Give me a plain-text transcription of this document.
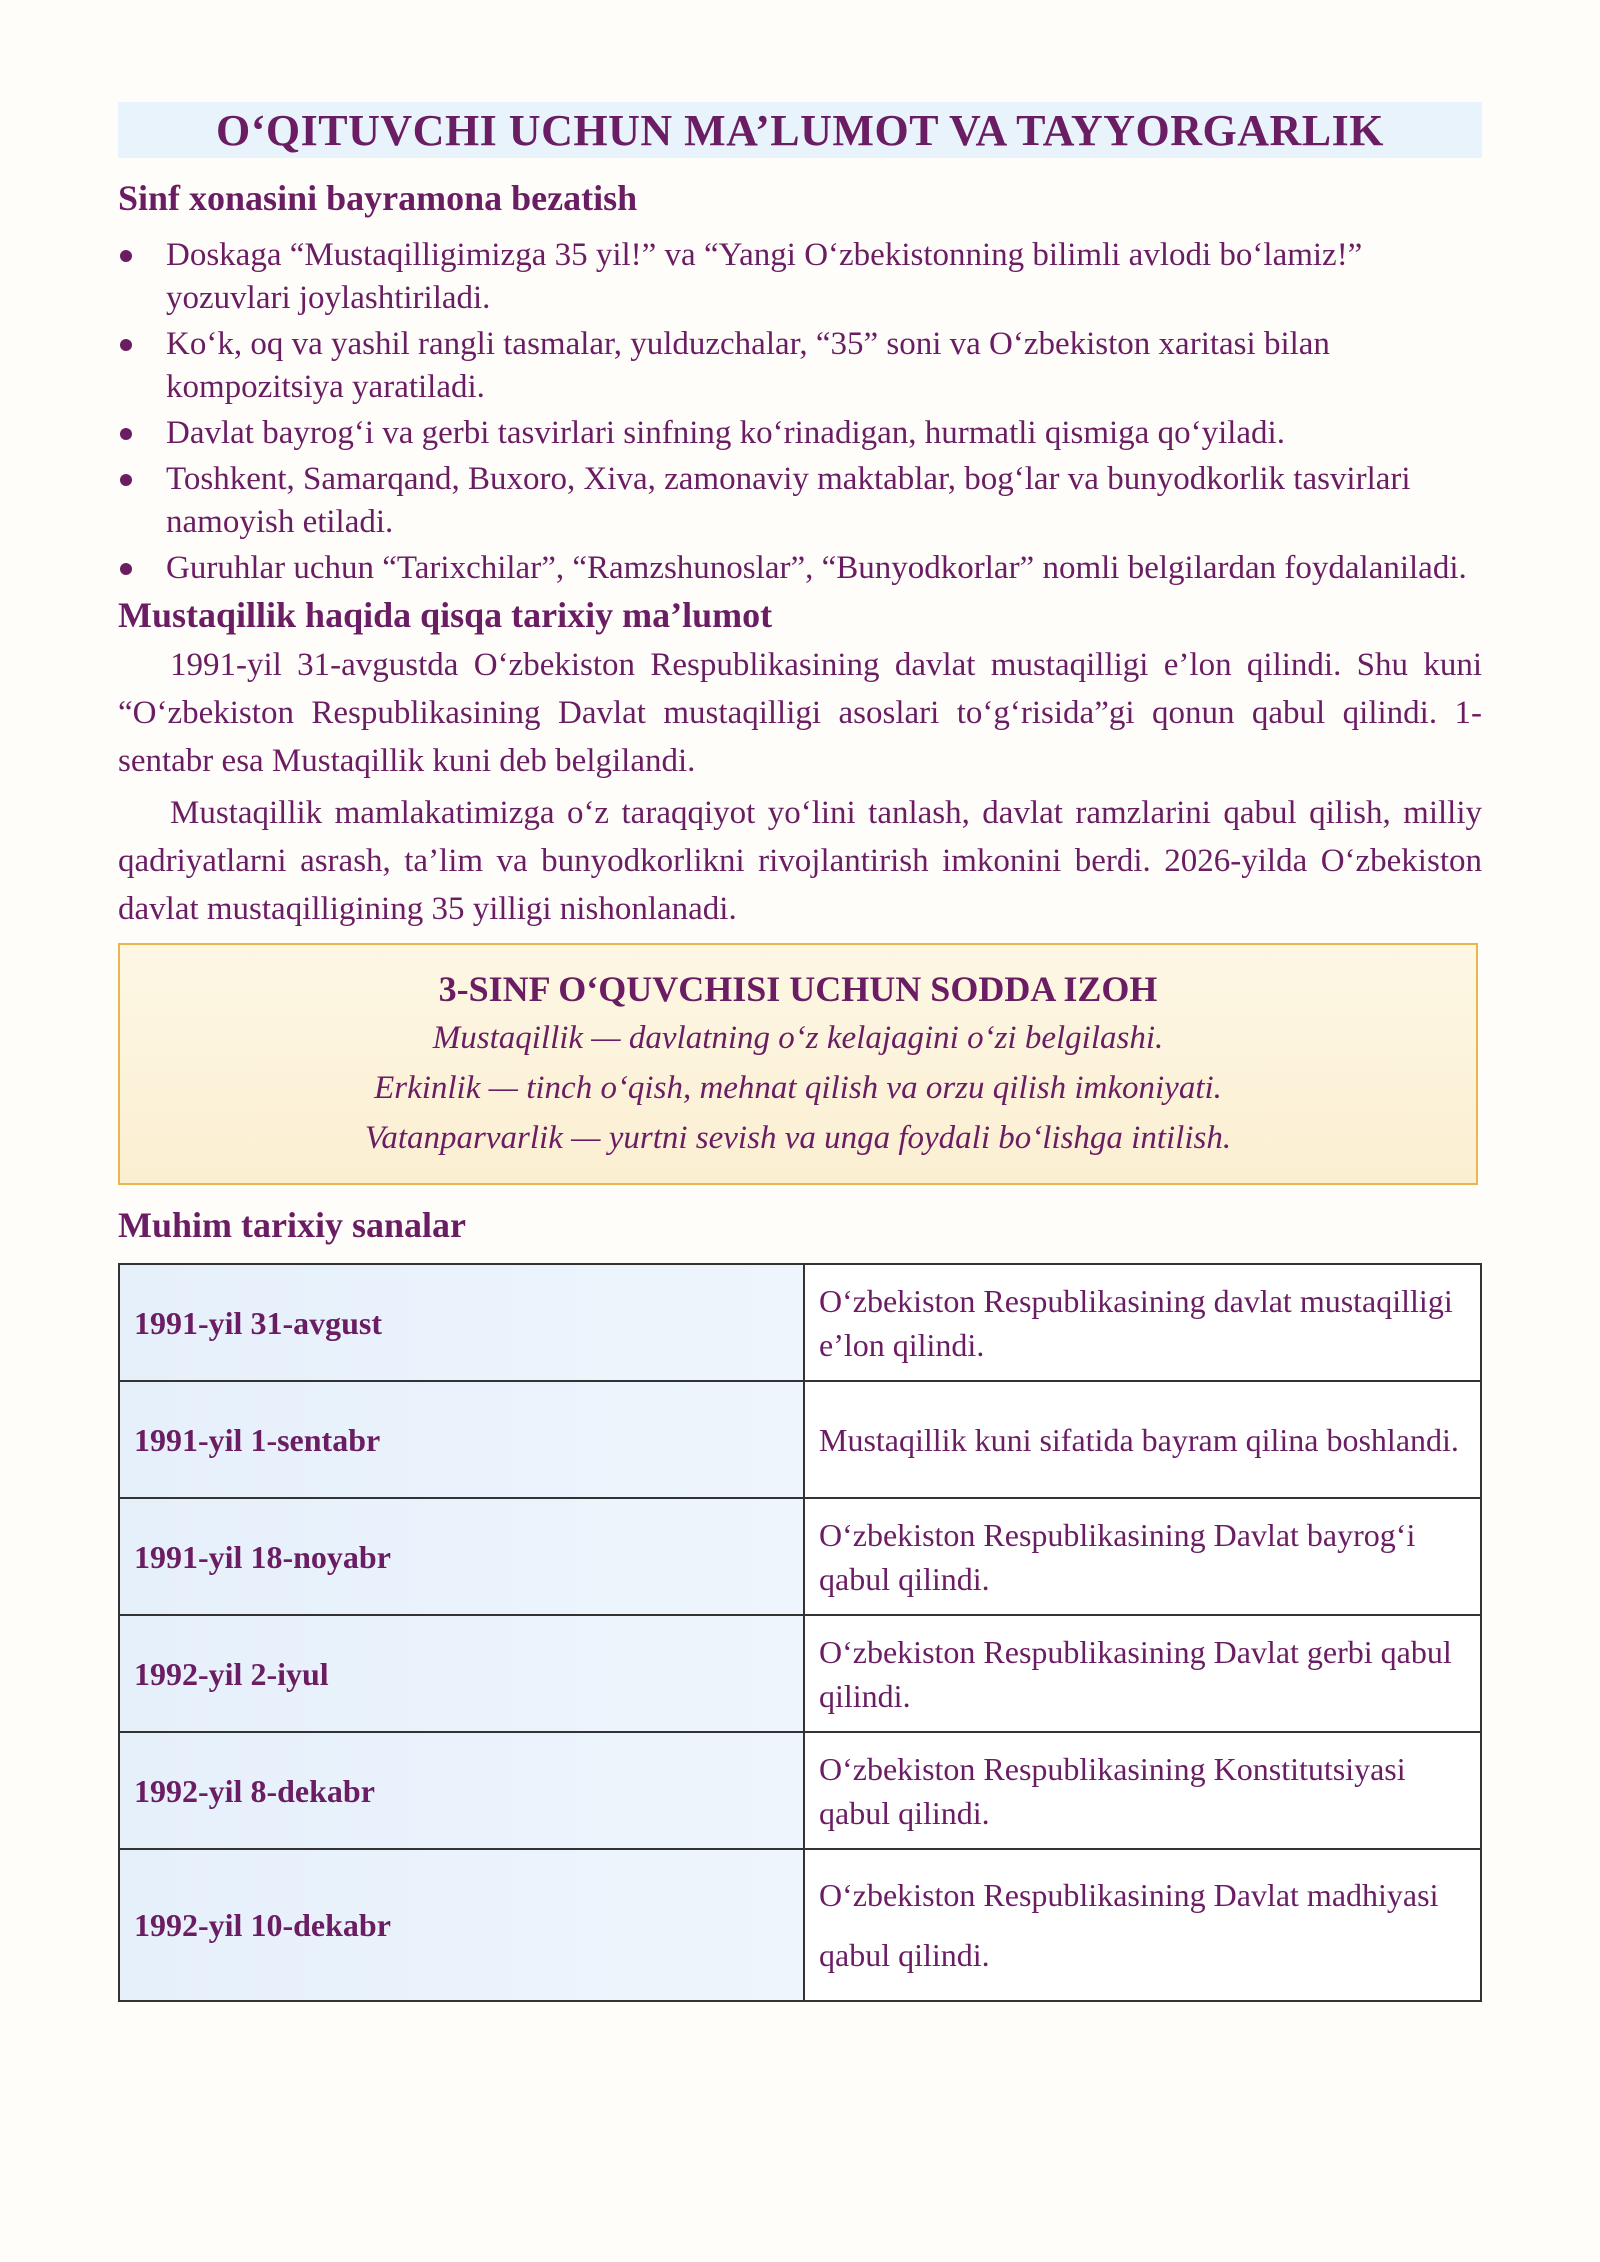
O‘QITUVCHI UCHUN MA’LUMOT VA TAYYORGARLIK
Sinf xonasini bayramona bezatish
Doskaga “Mustaqilligimizga 35 yil!” va “Yangi O‘zbekistonning bilimli avlodi bo‘lamiz!” yozuvlari joylashtiriladi.
Ko‘k, oq va yashil rangli tasmalar, yulduzchalar, “35” soni va O‘zbekiston xaritasi bilan kompozitsiya yaratiladi.
Davlat bayrog‘i va gerbi tasvirlari sinfning ko‘rinadigan, hurmatli qismiga qo‘yiladi.
Toshkent, Samarqand, Buxoro, Xiva, zamonaviy maktablar, bog‘lar va bunyodkorlik tasvirlari namoyish etiladi.
Guruhlar uchun “Tarixchilar”, “Ramzshunoslar”, “Bunyodkorlar” nomli belgilardan foydalaniladi.
Mustaqillik haqida qisqa tarixiy ma’lumot

1991-yil 31-avgustda O‘zbekiston Respublikasining davlat mustaqilligi e’lon qilindi. Shu kuni “O‘zbekiston Respublikasining Davlat mustaqilligi asoslari to‘g‘risida”gi qonun qabul qilindi. 1-sentabr esa Mustaqillik kuni deb belgilandi.

Mustaqillik mamlakatimizga o‘z taraqqiyot yo‘lini tanlash, davlat ramzlarini qabul qilish, milliy qadriyatlarni asrash, ta’lim va bunyodkorlikni rivojlantirish imkonini berdi. 2026-yilda O‘zbekiston davlat mustaqilligining 35 yilligi nishonlanadi.

3-SINF O‘QUVCHISI UCHUN SODDA IZOH
Mustaqillik — davlatning o‘z kelajagini o‘zi belgilashi.
Erkinlik — tinch o‘qish, mehnat qilish va orzu qilish imkoniyati.
Vatanparvarlik — yurtni sevish va unga foydali bo‘lishga intilish.
Muhim tarixiy sanalar
1991-yil 31-avgust	O‘zbekiston Respublikasining davlat mustaqilligi e’lon qilindi.
1991-yil 1-sentabr	Mustaqillik kuni sifatida bayram qilina boshlandi.
1991-yil 18-noyabr	O‘zbekiston Respublikasining Davlat bayrog‘i qabul qilindi.
1992-yil 2-iyul	O‘zbekiston Respublikasining Davlat gerbi qabul qilindi.
1992-yil 8-dekabr	O‘zbekiston Respublikasining Konstitutsiyasi qabul qilindi.
1992-yil 10-dekabr	O‘zbekiston Respublikasining Davlat madhiyasi qabul qilindi.
